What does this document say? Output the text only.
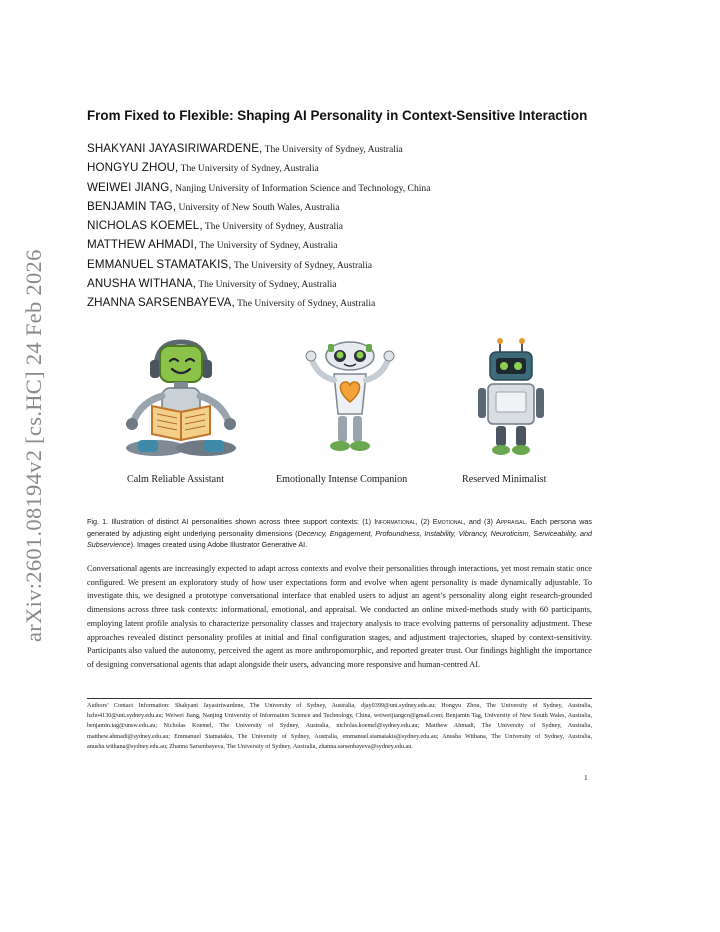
arXiv:2601.08194v2 [cs.HC] 24 Feb 2026
From Fixed to Flexible: Shaping AI Personality in Context-Sensitive Interaction
SHAKYANI JAYASIRIWARDENE, The University of Sydney, Australia
HONGYU ZHOU, The University of Sydney, Australia
WEIWEI JIANG, Nanjing University of Information Science and Technology, China
BENJAMIN TAG, University of New South Wales, Australia
NICHOLAS KOEMEL, The University of Sydney, Australia
MATTHEW AHMADI, The University of Sydney, Australia
EMMANUEL STAMATAKIS, The University of Sydney, Australia
ANUSHA WITHANA, The University of Sydney, Australia
ZHANNA SARSENBAYEVA, The University of Sydney, Australia
Calm Reliable Assistant	Emotionally Intense Companion	Reserved Minimalist
Fig. 1. Illustration of distinct AI personalities shown across three support contexts: (1) Informational, (2) Emotional, and (3) Appraisal. Each persona was generated by adjusting eight underlying personality dimensions (Decency, Engagement, Profoundness, Instability, Vibrancy, Neuroticism, Serviceability, and Subservience). Images created using Adobe Illustrator Generative AI.
Conversational agents are increasingly expected to adapt across contexts and evolve their personalities through interactions, yet most remain static once configured. We present an exploratory study of how user expectations form and evolve when agent personality is made dynamically adjustable. To investigate this, we designed a prototype conversational interface that enabled users to adjust an agent’s personality along eight research-grounded dimensions across three task contexts: informational, emotional, and appraisal. We conducted an online mixed-methods study with 60 participants, employing latent profile analysis to characterize personality classes and trajectory analysis to trace evolving patterns of personality adjustment. These approaches revealed distinct personality profiles at initial and final configuration stages, and adjustment trajectories, shaped by context-sensitivity. Participants also valued the autonomy, perceived the agent as more anthropomorphic, and reported greater trust. Our findings highlight the importance of designing conversational agents that adapt alongside their users, advancing more responsive and human-centred AI.
Authors’ Contact Information: Shakyani Jayasiriwardene, The University of Sydney, Australia, djay0399@uni.sydney.edu.au; Hongyu Zhou, The University of Sydney, Australia, hzho4130@uni.sydney.edu.au; Weiwei Jiang, Nanjing University of Information Science and Technology, China, weiweijiangcn@gmail.com; Benjamin Tag, University of New South Wales, Australia, benjamin.tag@unsw.edu.au; Nicholas Koemel, The University of Sydney, Australia, nicholas.koemel@sydney.edu.au; Matthew Ahmadi, The University of Sydney, Australia, matthew.ahmadi@sydney.edu.au; Emmanuel Stamatakis, The University of Sydney, Australia, emmanuel.stamatakis@sydney.edu.au; Anusha Withana, The University of Sydney, Australia, anusha.withana@sydney.edu.au; Zhanna Sarsenbayeva, The University of Sydney, Australia, zhanna.sarsenbayeva@sydney.edu.au.
1
